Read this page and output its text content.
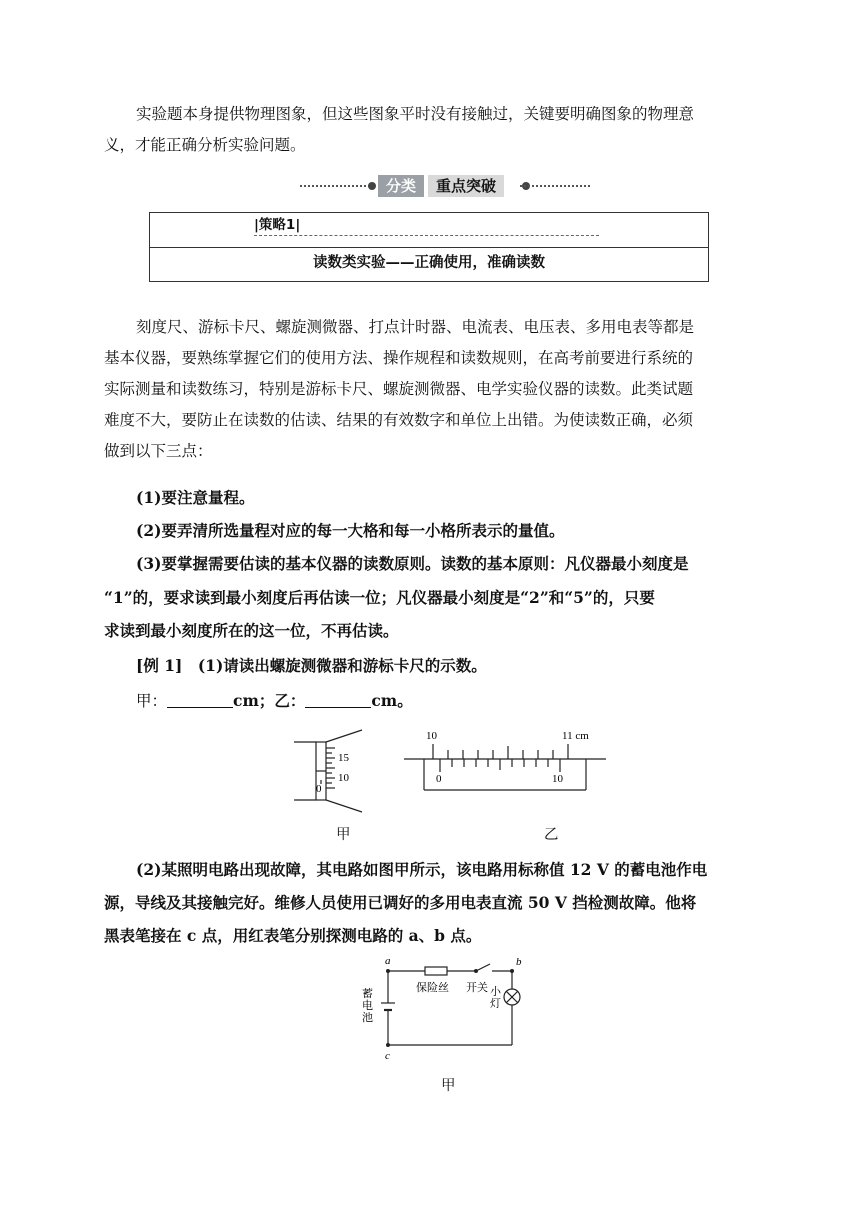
实验题本身提供物理图象，但这些图象平时没有接触过，关键要明确图象的物理意

义，才能正确分析实验问题。

分类	重点突破
|策略1|
读数类实验——正确使用，准确读数

刻度尺、游标卡尺、螺旋测微器、打点计时器、电流表、电压表、多用电表等都是

基本仪器，要熟练掌握它们的使用方法、操作规程和读数规则，在高考前要进行系统的

实际测量和读数练习，特别是游标卡尺、螺旋测微器、电学实验仪器的读数。此类试题

难度不大，要防止在读数的估读、结果的有效数字和单位上出错。为使读数正确，必须

做到以下三点：

(1)要注意量程。

(2)要弄清所选量程对应的每一大格和每一小格所表示的量值。

(3)要掌握需要估读的基本仪器的读数原则。读数的基本原则：凡仪器最小刻度是

“1”的，要求读到最小刻度后再估读一位；凡仪器最小刻度是“2”和“5”的，只要

求读到最小刻度所在的这一位，不再估读。

[例 1]　(1)请读出螺旋测微器和游标卡尺的示数。

甲：	cm；乙：	cm。
15
10
0
10	11 cm
0	10
甲	乙

(2)某照明电路出现故障，其电路如图甲所示，该电路用标称值 12 V 的蓄电池作电

源，导线及其接触完好。维修人员使用已调好的多用电表直流 50 V 挡检测故障。他将

黑表笔接在 c 点，用红表笔分别探测电路的 a、b 点。

a	b
c
保险丝 开关
蓄
电
池
小
灯
甲
